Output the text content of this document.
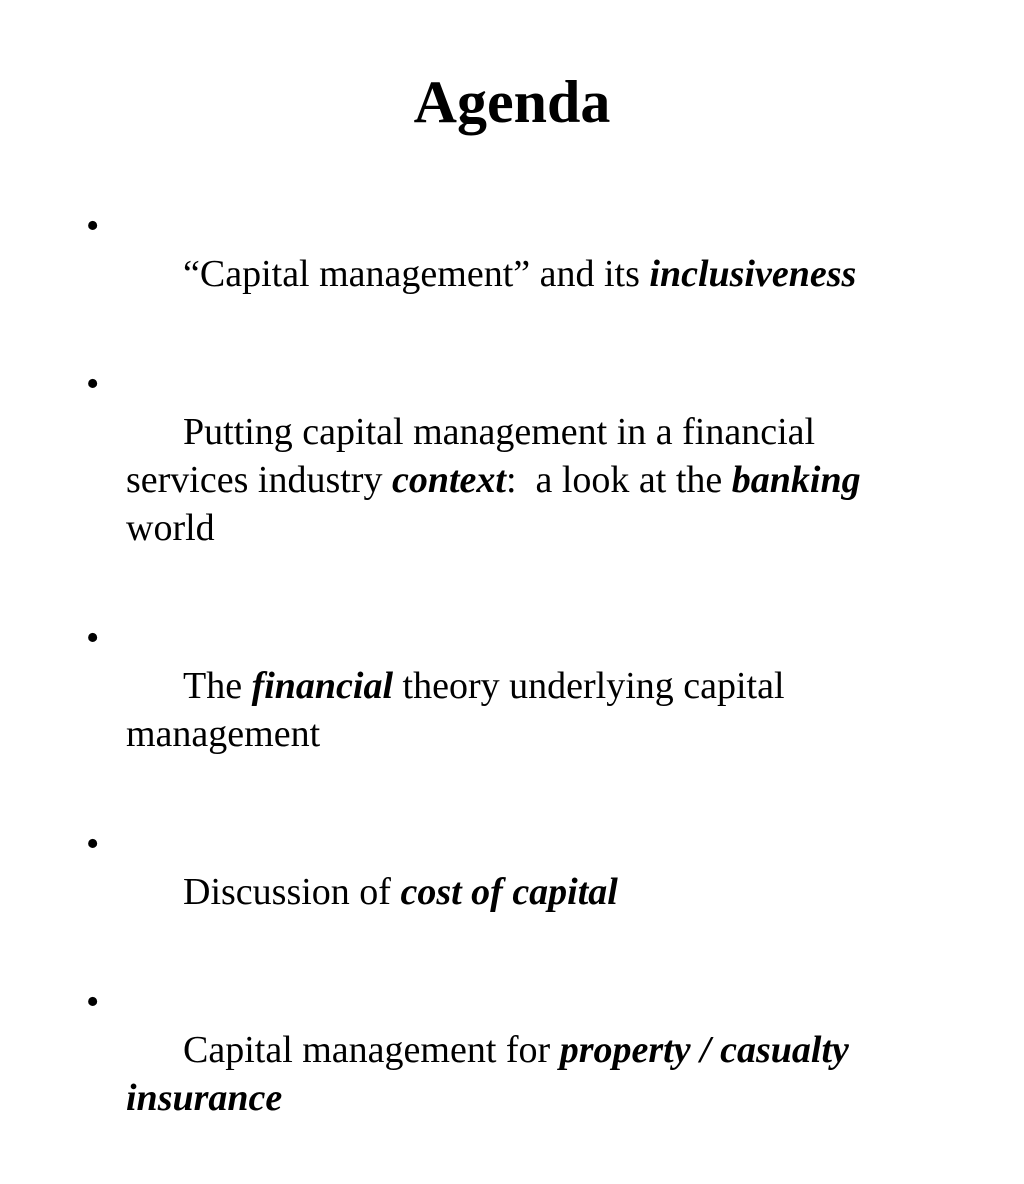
Agenda

•
“Capital management” and its inclusiveness

•
Putting capital management in a financial services industry context:  a look at the banking world

•
The financial theory underlying capital management

•
Discussion of cost of capital

•
Capital management for property / casualty insurance
